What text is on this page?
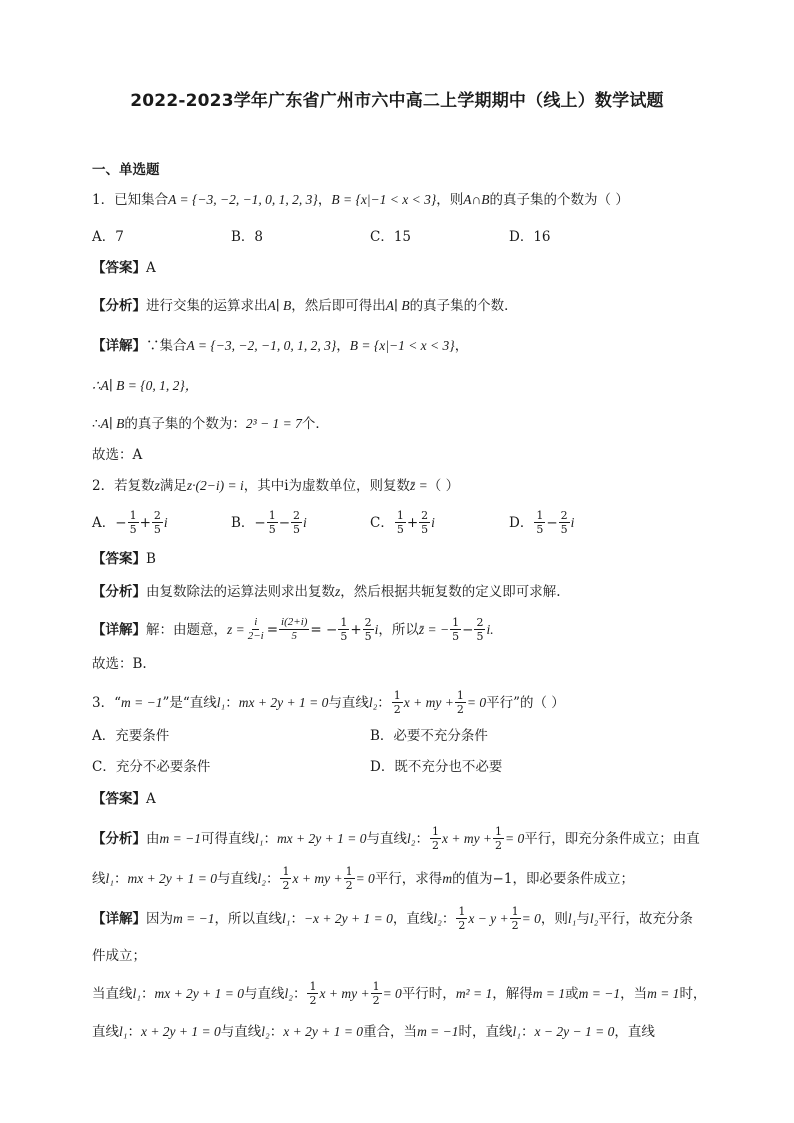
2022-2023学年广东省广州市六中高二上学期期中（线上）数学试题
一、单选题
1．已知集合A = {−3, −2, −1, 0, 1, 2, 3}，B = {x|−1 < x < 3}，则A∩B的真子集的个数为（ ）
A．7	B．8	C．15	D．16
【答案】A
【分析】进行交集的运算求出A∣ B，然后即可得出A∣ B的真子集的个数．
【详解】∵集合A = {−3, −2, −1, 0, 1, 2, 3}，B = {x|−1 < x < 3}，
∴A∣ B = {0, 1, 2}，
∴A∣ B的真子集的个数为：2³ − 1 = 7个．
故选：A
2．若复数z满足z·(2−i) = i，其中i为虚数单位，则复数z̄ =（ ）
A．− $\frac{1}{5} + \frac{2}{5}$ i	B．− $\frac{1}{5} - \frac{2}{5}$ i	C． $\frac{1}{5} + \frac{2}{5}$ i	D． $\frac{1}{5} - \frac{2}{5}$ i
【答案】B
【分析】由复数除法的运算法则求出复数z，然后根据共轭复数的定义即可求解.
【详解】解：由题意，$z = \frac{i}{2-i} = \frac{i(2+i)}{5}$ = − $\frac{1}{5} + \frac{2}{5}$ i，所以z̄ = − $\frac{1}{5} - \frac{2}{5} i$.
故选：B.
3．“m = −1”是“直线l₁：mx + 2y + 1 = 0与直线l₂： $\frac{1}{2}$ x + my + $\frac{1}{2} = 0$平行”的（ ）
A．充要条件	B．必要不充分条件
C．充分不必要条件	D．既不充分也不必要
【答案】A
【分析】由m = −1可得直线l₁：mx + 2y + 1 = 0与直线l₂： $\frac{1}{2}$ x + my + $\frac{1}{2} = 0$平行，即充分条件成立；由直
线l₁：mx + 2y + 1 = 0与直线l₂： $\frac{1}{2}$ x + my + $\frac{1}{2} = 0$平行，求得m的值为−1，即必要条件成立；
【详解】因为m = −1，所以直线l₁：−x + 2y + 1 = 0，直线l₂： $\frac{1}{2}$ $x - y + \frac{1}{2} = 0$，则l₁与l₂平行，故充分条
件成立；
当直线l₁：mx + 2y + 1 = 0与直线l₂： $\frac{1}{2}$ x + my + $\frac{1}{2} = 0$平行时，m² = 1，解得m = 1或m = −1，当m = 1时，
直线l₁：x + 2y + 1 = 0与直线l₂：x + 2y + 1 = 0重合，当m = −1时，直线l₁：x − 2y − 1 = 0，直线
